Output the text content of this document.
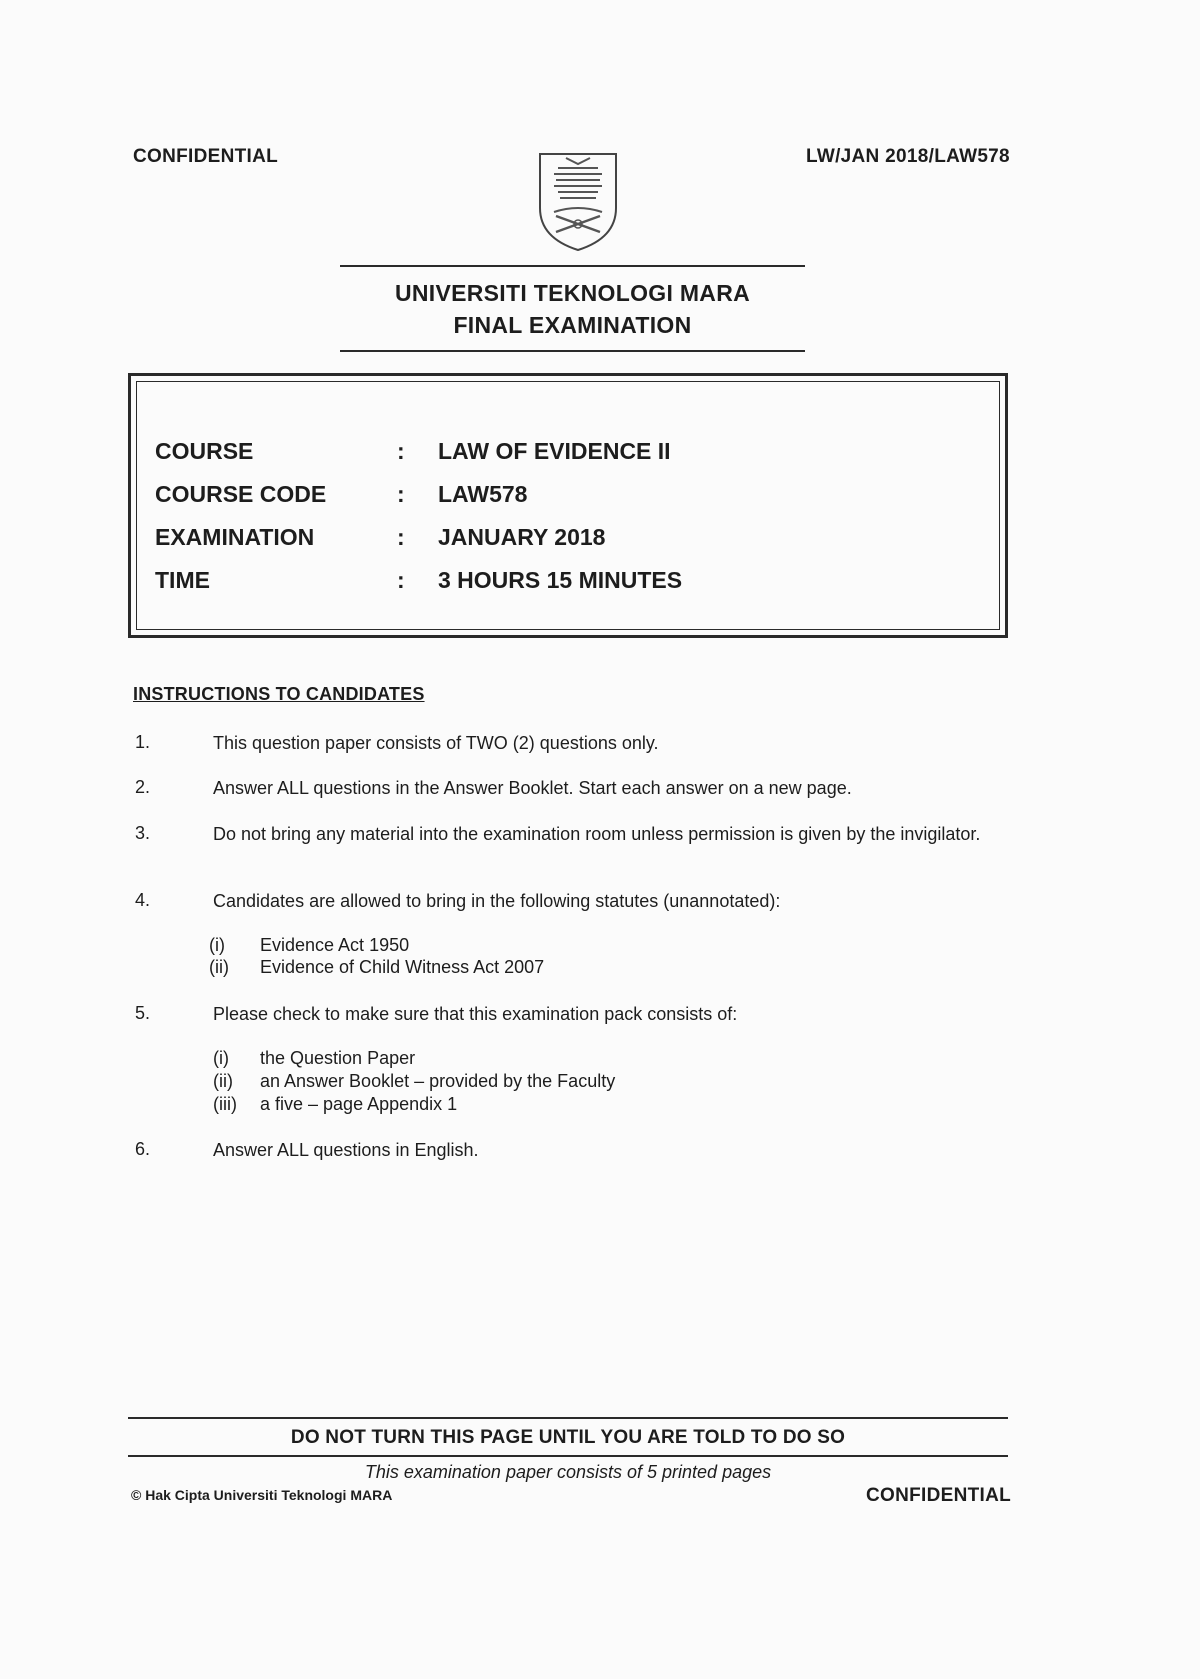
CONFIDENTIAL	LW/JAN 2018/LAW578
UNIVERSITI TEKNOLOGI MARA
FINAL EXAMINATION
COURSE	: LAW OF EVIDENCE II
COURSE CODE	: LAW578
EXAMINATION	: JANUARY 2018
TIME	: 3 HOURS 15 MINUTES
INSTRUCTIONS TO CANDIDATES
1.	This question paper consists of TWO (2) questions only.
2.	Answer ALL questions in the Answer Booklet. Start each answer on a new page.
3.	Do not bring any material into the examination room unless permission is given by the invigilator.
4.	Candidates are allowed to bring in the following statutes (unannotated):
(i) Evidence Act 1950
(ii) Evidence of Child Witness Act 2007
5.	Please check to make sure that this examination pack consists of:
(i) the Question Paper
(ii) an Answer Booklet – provided by the Faculty
(iii) a five – page Appendix 1
6.	Answer ALL questions in English.
DO NOT TURN THIS PAGE UNTIL YOU ARE TOLD TO DO SO
This examination paper consists of 5 printed pages
© Hak Cipta Universiti Teknologi MARA	CONFIDENTIAL
